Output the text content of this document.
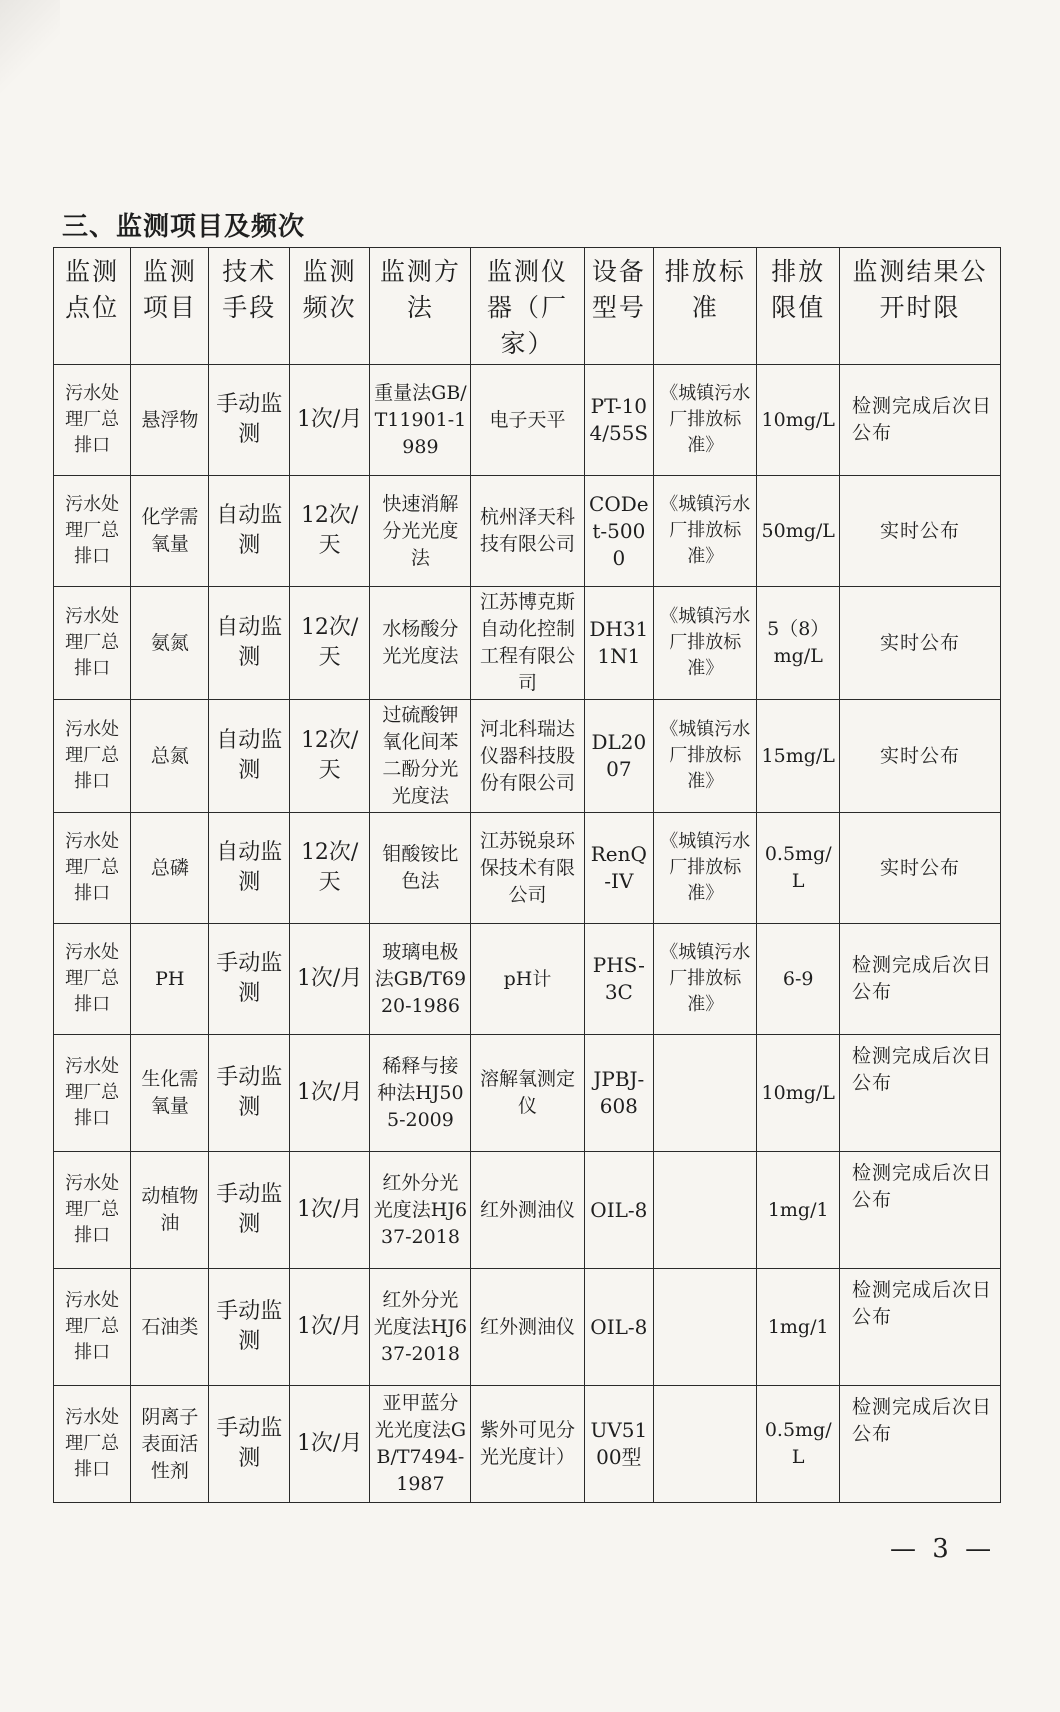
三、监测项目及频次
监测点位	监测项目	技术手段	监测频次	监测方法	监测仪器（厂家）	设备型号	排放标准	排放限值	监测结果公开时限
污水处理厂总排口	悬浮物	手动监测	1次/月	重量法GB/T11901-1989	电子天平	PT-104/55S	《城镇污水厂排放标准》	10mg/L	检测完成后次日公布
污水处理厂总排口	化学需氧量	自动监测	12次/天	快速消解分光光度法	杭州泽天科技有限公司	CODet-5000	《城镇污水厂排放标准》	50mg/L	实时公布
污水处理厂总排口	氨氮	自动监测	12次/天	水杨酸分光光度法	江苏博克斯自动化控制工程有限公司	DH311N1	《城镇污水厂排放标准》	5（8）mg/L	实时公布
污水处理厂总排口	总氮	自动监测	12次/天	过硫酸钾氧化间苯二酚分光光度法	河北科瑞达仪器科技股份有限公司	DL2007	《城镇污水厂排放标准》	15mg/L	实时公布
污水处理厂总排口	总磷	自动监测	12次/天	钼酸铵比色法	江苏锐泉环保技术有限公司	RenQ-IV	《城镇污水厂排放标准》	0.5mg/L	实时公布
污水处理厂总排口	PH	手动监测	1次/月	玻璃电极法GB/T6920-1986	pH计	PHS-3C	《城镇污水厂排放标准》	6-9	检测完成后次日公布
污水处理厂总排口	生化需氧量	手动监测	1次/月	稀释与接种法HJ505-2009	溶解氧测定仪	JPBJ-608		10mg/L	检测完成后次日公布
污水处理厂总排口	动植物油	手动监测	1次/月	红外分光光度法HJ637-2018	红外测油仪	OIL-8		1mg/1	检测完成后次日公布
污水处理厂总排口	石油类	手动监测	1次/月	红外分光光度法HJ637-2018	红外测油仪	OIL-8		1mg/1	检测完成后次日公布
污水处理厂总排口	阴离子表面活性剂	手动监测	1次/月	亚甲蓝分光光度法GB/T7494-1987	紫外可见分光光度计）	UV5100型		0.5mg/L	检测完成后次日公布
— 3 —
